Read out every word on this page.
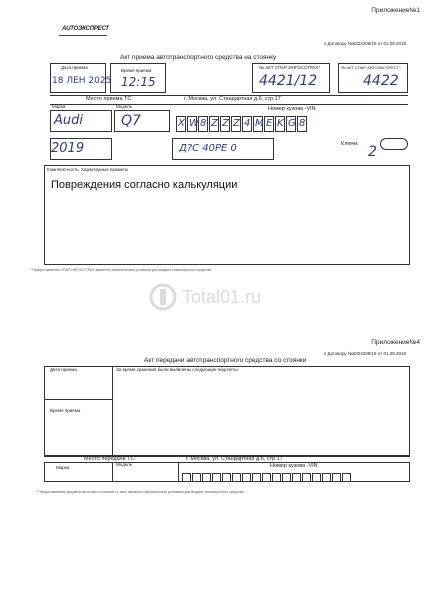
Приложение№1
к Договору №6324208/18 от 01.08.2018
AUTOЭКСПРЕСТ
Акт приема автотранспортного средства на стоянку
Дата приема
18 ЛЕН 2025
Время приема
12:15
№ АКТ СПАР ИНГОССТРАХ*
4421/12
№ АКТ СПАР АВТОЭКСПРЕСТ*
4422
Место приема ТС:	г. Москва, ул. Стандартная д.6, стр.17
Марка	Модель	Номер кузова -VIN
Audi	Q7	X W 8 Z Z Z 4 M E K G 8
2019	Д?С 40РЕ 0	Ключи: 2
Комплектность, Характерные приметы
Повреждения согласно калькуляции
* Предоставление СПАР ИНГОССТРАХ является обязательным условием для выдачи транспортного средства
Total01.ru
Приложение№4
к Договору №6324208/18 от 01.08.2018
Акт передачи автотранспортного средства со стоянки
Дата приема	За время хранения были выявлены следующие недочеты:
Время приема
Место передачи ТС:	г. Москва, ул. Стандартная д.6, стр.17
Марка
Модель	Номер кузова -VIN
* Предоставление документов на авто и ключей от авто является обязательным условием для выдачи транспортного средства
